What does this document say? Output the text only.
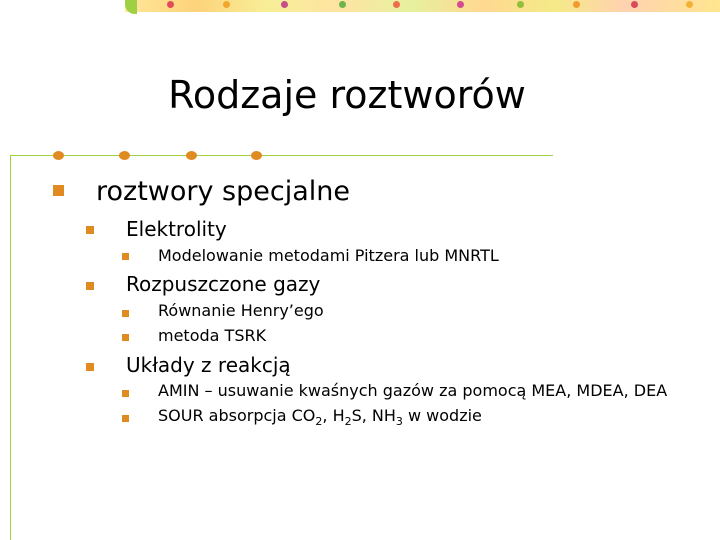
Rodzaje roztworów
roztwory specjalne
Elektrolity
Modelowanie metodami Pitzera lub MNRTL
Rozpuszczone gazy
Równanie Henry’ego
metoda TSRK
Układy z reakcją
AMIN – usuwanie kwaśnych gazów za pomocą MEA, MDEA, DEA
SOUR absorpcja $CO_2$, $H_2S$, $NH_3$ w wodzie
